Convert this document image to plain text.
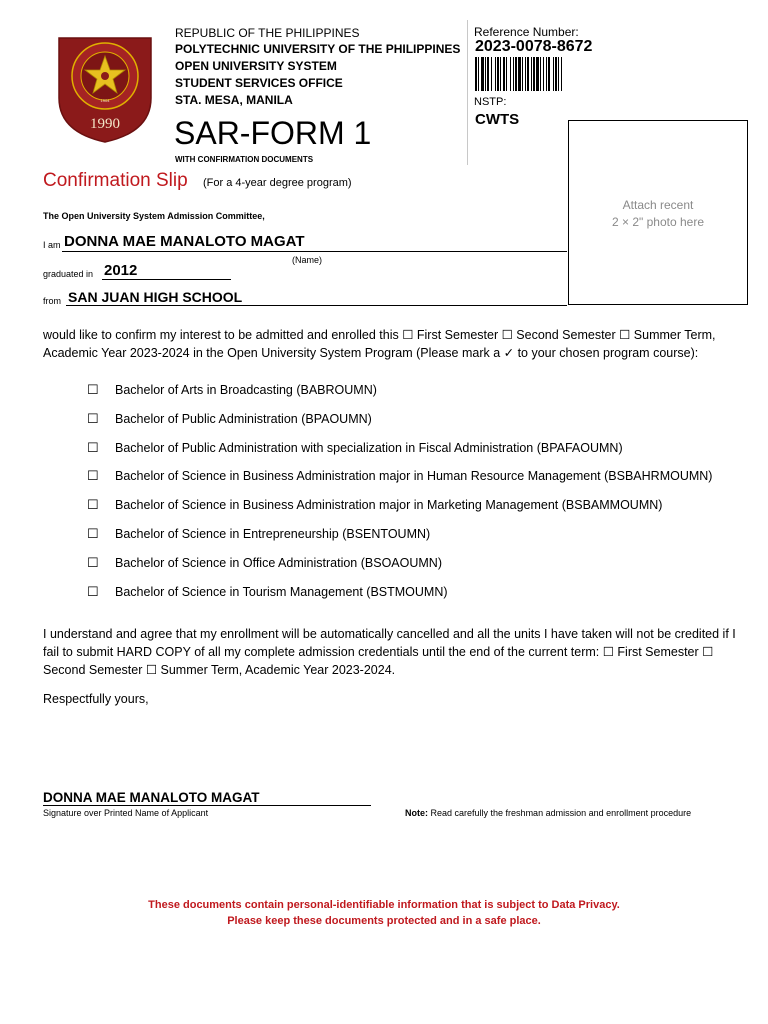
1990
1904
REPUBLIC OF THE PHILIPPINES
POLYTECHNIC UNIVERSITY OF THE PHILIPPINES
OPEN UNIVERSITY SYSTEM
STUDENT SERVICES OFFICE
STA. MESA, MANILA
SAR-FORM 1
WITH CONFIRMATION DOCUMENTS
Reference Number:
2023-0078-8672
NSTP:
CWTS
Attach recent
2 × 2" photo here
Confirmation Slip (For a 4-year degree program)
The Open University System Admission Committee,
I am DONNA MAE MANALOTO MAGAT
(Name)
graduated in 2012
from SAN JUAN HIGH SCHOOL
would like to confirm my interest to be admitted and enrolled this ☐ First Semester ☐ Second Semester ☐ Summer Term, Academic Year 2023-2024 in the Open University System Program (Please mark a ✓ to your chosen program course):
☐	Bachelor of Arts in Broadcasting (BABROUMN)
☐	Bachelor of Public Administration (BPAOUMN)
☐	Bachelor of Public Administration with specialization in Fiscal Administration (BPAFAOUMN)
☐	Bachelor of Science in Business Administration major in Human Resource Management (BSBAHRMOUMN)
☐	Bachelor of Science in Business Administration major in Marketing Management (BSBAMMOUMN)
☐	Bachelor of Science in Entrepreneurship (BSENTOUMN)
☐	Bachelor of Science in Office Administration (BSOAOUMN)
☐	Bachelor of Science in Tourism Management (BSTMOUMN)
I understand and agree that my enrollment will be automatically cancelled and all the units I have taken will not be credited if I fail to submit HARD COPY of all my complete admission credentials until the end of the current term: ☐ First Semester ☐ Second Semester ☐ Summer Term, Academic Year 2023-2024.
Respectfully yours,
DONNA MAE MANALOTO MAGAT
Signature over Printed Name of Applicant	Note: Read carefully the freshman admission and enrollment procedure
These documents contain personal-identifiable information that is subject to Data Privacy.
Please keep these documents protected and in a safe place.
